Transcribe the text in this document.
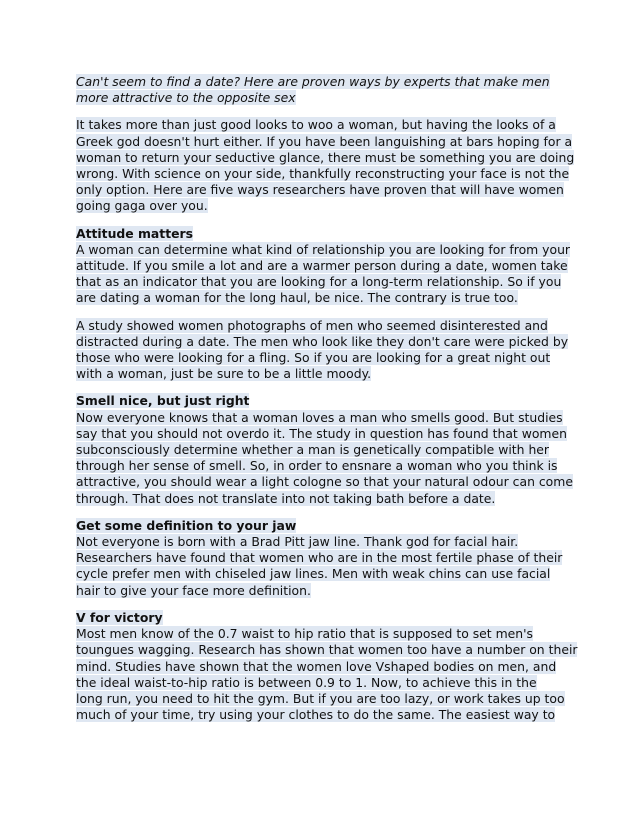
Can't seem to find a date? Here are proven ways by experts that make men
more attractive to the opposite sex

It takes more than just good looks to woo a woman, but having the looks of a
Greek god doesn't hurt either. If you have been languishing at bars hoping for a
woman to return your seductive glance, there must be something you are doing
wrong. With science on your side, thankfully reconstructing your face is not the
only option. Here are five ways researchers have proven that will have women
going gaga over you.

Attitude matters
A woman can determine what kind of relationship you are looking for from your
attitude. If you smile a lot and are a warmer person during a date, women take
that as an indicator that you are looking for a long-term relationship. So if you
are dating a woman for the long haul, be nice. The contrary is true too.

A study showed women photographs of men who seemed disinterested and
distracted during a date. The men who look like they don't care were picked by
those who were looking for a fling. So if you are looking for a great night out
with a woman, just be sure to be a little moody.

Smell nice, but just right
Now everyone knows that a woman loves a man who smells good. But studies
say that you should not overdo it. The study in question has found that women
subconsciously determine whether a man is genetically compatible with her
through her sense of smell. So, in order to ensnare a woman who you think is
attractive, you should wear a light cologne so that your natural odour can come
through. That does not translate into not taking bath before a date.

Get some definition to your jaw
Not everyone is born with a Brad Pitt jaw line. Thank god for facial hair.
Researchers have found that women who are in the most fertile phase of their
cycle prefer men with chiseled jaw lines. Men with weak chins can use facial
hair to give your face more definition.

V for victory
Most men know of the 0.7 waist to hip ratio that is supposed to set men's
toungues wagging. Research has shown that women too have a number on their
mind. Studies have shown that the women love Vshaped bodies on men, and
the ideal waist-to-hip ratio is between 0.9 to 1. Now, to achieve this in the
long run, you need to hit the gym. But if you are too lazy, or work takes up too
much of your time, try using your clothes to do the same. The easiest way to
